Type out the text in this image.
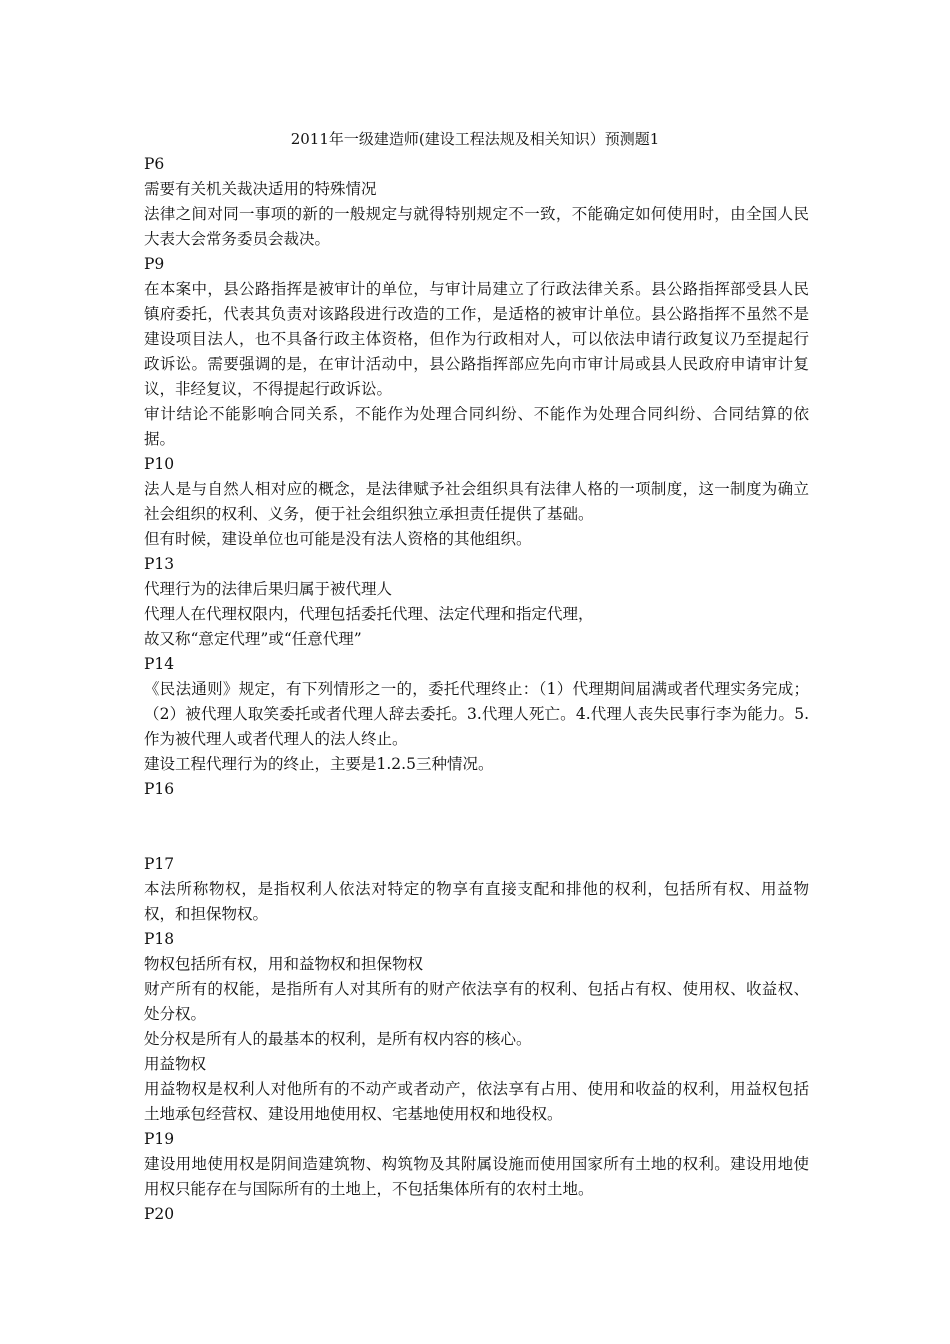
2011年一级建造师(建设工程法规及相关知识）预测题1

P6

需要有关机关裁决适用的特殊情况

法律之间对同一事项的新的一般规定与就得特别规定不一致，不能确定如何使用时，由全国人民大表大会常务委员会裁决。

P9

在本案中，县公路指挥是被审计的单位，与审计局建立了行政法律关系。县公路指挥部受县人民镇府委托，代表其负责对该路段进行改造的工作，是适格的被审计单位。县公路指挥不虽然不是建设项目法人，也不具备行政主体资格，但作为行政相对人，可以依法申请行政复议乃至提起行政诉讼。需要强调的是，在审计活动中，县公路指挥部应先向市审计局或县人民政府申请审计复议，非经复议，不得提起行政诉讼。

审计结论不能影响合同关系，不能作为处理合同纠纷、不能作为处理合同纠纷、合同结算的依据。

P10

法人是与自然人相对应的概念，是法律赋予社会组织具有法律人格的一项制度，这一制度为确立社会组织的权利、义务，便于社会组织独立承担责任提供了基础。

但有时候，建设单位也可能是没有法人资格的其他组织。

P13

代理行为的法律后果归属于被代理人

代理人在代理权限内，代理包括委托代理、法定代理和指定代理，

故又称“意定代理”或“任意代理”

P14

《民法通则》规定，有下列情形之一的，委托代理终止：（1）代理期间届满或者代理实务完成；（2）被代理人取笑委托或者代理人辞去委托。3.代理人死亡。4.代理人丧失民事行李为能力。5.作为被代理人或者代理人的法人终止。

建设工程代理行为的终止，主要是1.2.5三种情况。

P16

P17

本法所称物权，是指权利人依法对特定的物享有直接支配和排他的权利，包括所有权、用益物权，和担保物权。

P18

物权包括所有权，用和益物权和担保物权

财产所有的权能，是指所有人对其所有的财产依法享有的权利、包括占有权、使用权、收益权、处分权。

处分权是所有人的最基本的权利，是所有权内容的核心。

用益物权

用益物权是权利人对他所有的不动产或者动产，依法享有占用、使用和收益的权利，用益权包括土地承包经营权、建设用地使用权、宅基地使用权和地役权。

P19

建设用地使用权是阴间造建筑物、构筑物及其附属设施而使用国家所有土地的权利。建设用地使用权只能存在与国际所有的土地上，不包括集体所有的农村土地。

P20
